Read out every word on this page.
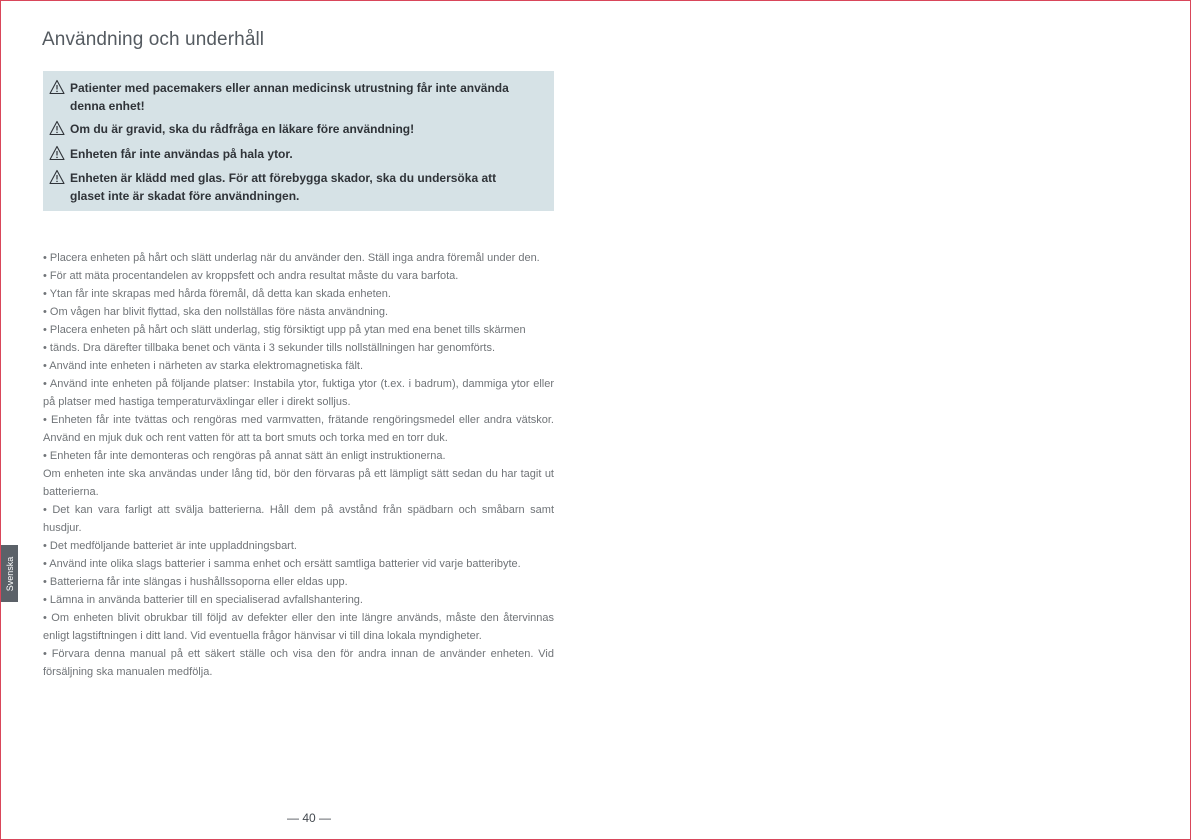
Användning och underhåll
Patienter med pacemakers eller annan medicinsk utrustning får inte använda denna enhet!
Om du är gravid, ska du rådfråga en läkare före användning!
Enheten får inte användas på hala ytor.
Enheten är klädd med glas. För att förebygga skador, ska du undersöka att glaset inte är skadat före användningen.

• Placera enheten på hårt och slätt underlag när du använder den. Ställ inga andra föremål under den.

• För att mäta procentandelen av kroppsfett och andra resultat måste du vara barfota.

• Ytan får inte skrapas med hårda föremål, då detta kan skada enheten.

• Om vågen har blivit flyttad, ska den nollställas före nästa användning.

• Placera enheten på hårt och slätt underlag, stig försiktigt upp på ytan med ena benet tills skärmen

• tänds. Dra därefter tillbaka benet och vänta i 3 sekunder tills nollställningen har genomförts.

• Använd inte enheten i närheten av starka elektromagnetiska fält.

• Använd inte enheten på följande platser: Instabila ytor, fuktiga ytor (t.ex. i badrum), dammiga ytor eller på platser med hastiga temperaturväxlingar eller i direkt solljus.

• Enheten får inte tvättas och rengöras med varmvatten, frätande rengöringsmedel eller andra vätskor. Använd en mjuk duk och rent vatten för att ta bort smuts och torka med en torr duk.

• Enheten får inte demonteras och rengöras på annat sätt än enligt instruktionerna.

Om enheten inte ska användas under lång tid, bör den förvaras på ett lämpligt sätt sedan du har tagit ut batterierna.

• Det kan vara farligt att svälja batterierna. Håll dem på avstånd från spädbarn och småbarn samt husdjur.

• Det medföljande batteriet är inte uppladdningsbart.

• Använd inte olika slags batterier i samma enhet och ersätt samtliga batterier vid varje batteribyte.

• Batterierna får inte slängas i hushållssoporna eller eldas upp.

• Lämna in använda batterier till en specialiserad avfallshantering.

• Om enheten blivit obrukbar till följd av defekter eller den inte längre används, måste den återvinnas enligt lagstiftningen i ditt land. Vid eventuella frågor hänvisar vi till dina lokala myndigheter.

• Förvara denna manual på ett säkert ställe och visa den för andra innan de använder enheten. Vid försäljning ska manualen medfölja.

Svenska
— 40 —
